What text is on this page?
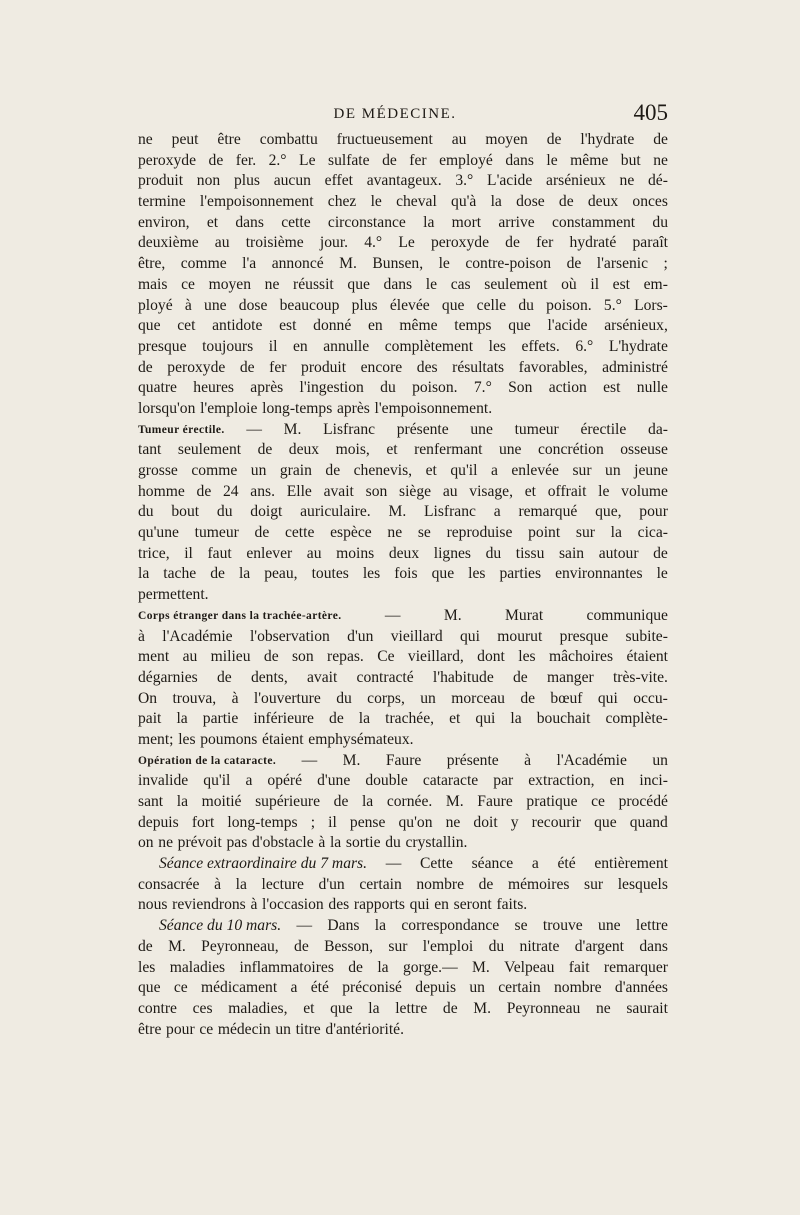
DE MÉDECINE.	405
ne peut être combattu fructueusement au moyen de l'hydrate de
peroxyde de fer. 2.° Le sulfate de fer employé dans le même but ne
produit non plus aucun effet avantageux. 3.° L'acide arsénieux ne dé-
termine l'empoisonnement chez le cheval qu'à la dose de deux onces
environ, et dans cette circonstance la mort arrive constamment du
deuxième au troisième jour. 4.° Le peroxyde de fer hydraté paraît
être, comme l'a annoncé M. Bunsen, le contre-poison de l'arsenic ;
mais ce moyen ne réussit que dans le cas seulement où il est em-
ployé à une dose beaucoup plus élevée que celle du poison. 5.° Lors-
que cet antidote est donné en même temps que l'acide arsénieux,
presque toujours il en annulle complètement les effets. 6.° L'hydrate
de peroxyde de fer produit encore des résultats favorables, administré
quatre heures après l'ingestion du poison. 7.° Son action est nulle
lorsqu'on l'emploie long-temps après l'empoisonnement.
Tumeur érectile. — M. Lisfranc présente une tumeur érectile da-
tant seulement de deux mois, et renfermant une concrétion osseuse
grosse comme un grain de chenevis, et qu'il a enlevée sur un jeune
homme de 24 ans. Elle avait son siège au visage, et offrait le volume
du bout du doigt auriculaire. M. Lisfranc a remarqué que, pour
qu'une tumeur de cette espèce ne se reproduise point sur la cica-
trice, il faut enlever au moins deux lignes du tissu sain autour de
la tache de la peau, toutes les fois que les parties environnantes le
permettent.
Corps étranger dans la trachée-artère.	—	M.	Murat	communique
à l'Académie l'observation d'un vieillard qui mourut presque subite-
ment au milieu de son repas. Ce vieillard, dont les mâchoires étaient
dégarnies de dents, avait contracté l'habitude de manger très-vite.
On trouva, à l'ouverture du corps, un morceau de bœuf qui occu-
pait la partie inférieure de la trachée, et qui la bouchait complète-
ment; les poumons étaient emphysémateux.
Opération de la cataracte. — M. Faure présente à l'Académie un
invalide qu'il a opéré d'une double cataracte par extraction, en inci-
sant la moitié supérieure de la cornée. M. Faure pratique ce procédé
depuis fort long-temps ; il pense qu'on ne doit y recourir que quand
on ne prévoit pas d'obstacle à la sortie du crystallin.
Séance extraordinaire du 7 mars. — Cette séance a été entièrement
consacrée à la lecture d'un certain nombre de mémoires sur lesquels
nous reviendrons à l'occasion des rapports qui en seront faits.
Séance du 10 mars. — Dans la correspondance se trouve une lettre
de M. Peyronneau, de Besson, sur l'emploi du nitrate d'argent dans
les maladies inflammatoires de la gorge.— M. Velpeau fait remarquer
que ce médicament a été préconisé depuis un certain nombre d'années
contre ces maladies, et que la lettre de M. Peyronneau ne saurait
être pour ce médecin un titre d'antériorité.
